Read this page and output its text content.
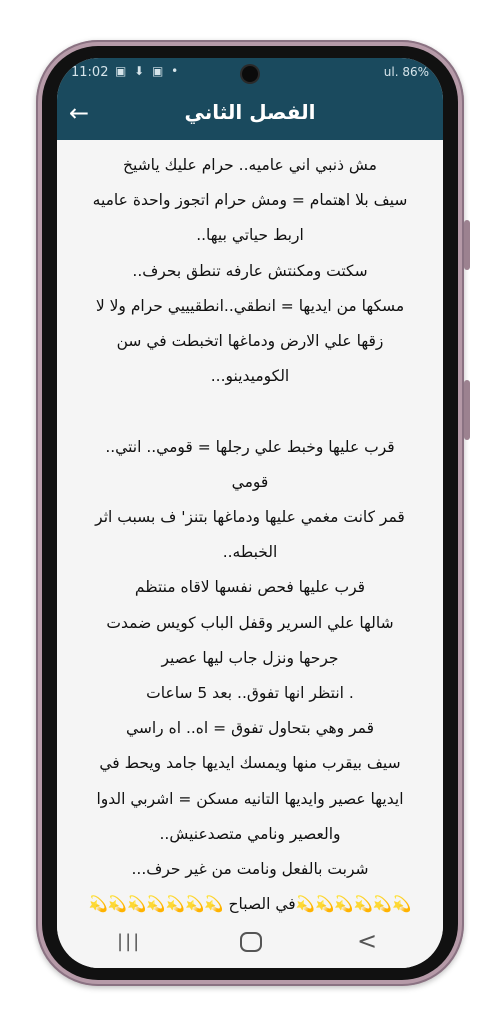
11:02 ▣ ⬇ ▣ •	ul. 86%
←	الفصل الثاني
مش ذنبي اني عاميه.. حرام عليك ياشيخ
سيف بلا اهتمام = ومش حرام اتجوز واحدة عاميه
اربط حياتي بيها..
سكتت ومكنتش عارفه تنطق بحرف..
مسكها من ايديها = انطقي..انطقيييي حرام ولا لا
زقها علي الارض ودماغها اتخبطت في سن
الكوميدينو...

قرب عليها وخبط علي رجلها = قومي.. انتي..
قومي
قمر كانت مغمي عليها ودماغها بتنز' ف بسبب اثر
الخبطه..
قرب عليها فحص نفسها لاقاه منتظم
شالها علي السرير وقفل الباب كويس ضمدت
جرحها ونزل جاب ليها عصير
. انتظر انها تفوق.. بعد 5 ساعات
قمر وهي بتحاول تفوق = اه.. اه راسي
سيف بيقرب منها ويمسك ايديها جامد ويحط في
ايديها عصير وايديها التانيه مسكن = اشربي الدوا
والعصير ونامي متصدعنيش..
شربت بالفعل ونامت من غير حرف...
💫💫💫💫💫💫في الصباح 💫💫💫💫💫💫💫
|||	<
